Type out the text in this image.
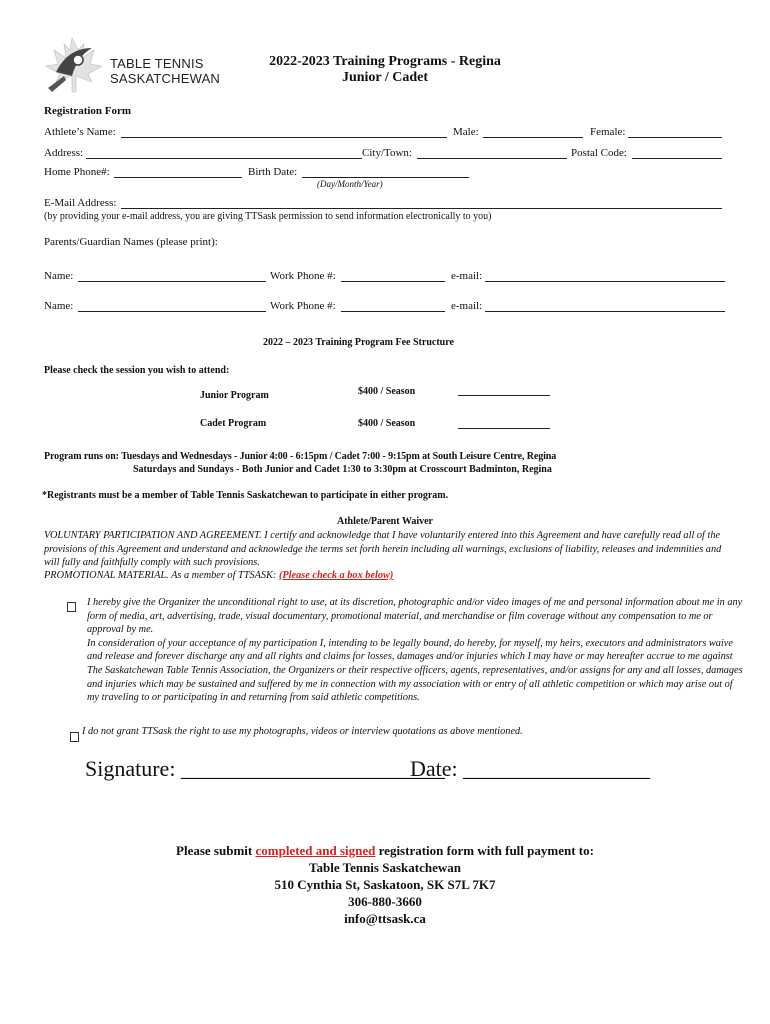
TABLE TENNIS
SASKATCHEWAN
2022-2023 Training Programs - Regina
Junior / Cadet
Registration Form
Athlete’s Name:	Male:	Female:
Address:	City/Town:	Postal Code:
Home Phone#:	Birth Date:
(Day/Month/Year)
E-Mail Address:
(by providing your e-mail address, you are giving TTSask permission to send information electronically to you)
Parents/Guardian Names (please print):
Name:	Work Phone #:	e-mail:
Name:	Work Phone #:	e-mail:
2022 – 2023 Training Program Fee Structure
Please check the session you wish to attend:
Junior Program	$400 / Season
Cadet Program	$400 / Season
Program runs on: Tuesdays and Wednesdays - Junior 4:00 - 6:15pm / Cadet 7:00 - 9:15pm at South Leisure Centre, Regina
Saturdays and Sundays - Both Junior and Cadet 1:30 to 3:30pm at Crosscourt Badminton, Regina
*Registrants must be a member of Table Tennis Saskatchewan to participate in either program.
Athlete/Parent Waiver
VOLUNTARY PARTICIPATION AND AGREEMENT. I certify and acknowledge that I have voluntarily entered into this Agreement and have carefully read all of the provisions of this Agreement and understand and acknowledge the terms set forth herein including all warnings, exclusions of liability, releases and indemnities and will fully and faithfully comply with such provisions.
PROMOTIONAL MATERIAL. As a member of TTSASK: (Please check a box below)
I hereby give the Organizer the unconditional right to use, at its discretion, photographic and/or video images of me and personal information about me in any form of media, art, advertising, trade, visual documentary, promotional material, and merchandise or film coverage without any compensation to me or approval by me.
In consideration of your acceptance of my participation I, intending to be legally bound, do hereby, for myself, my heirs, executors and administrators waive and release and forever discharge any and all rights and claims for losses, damages and/or injuries which I may have or may hereafter accrue to me against The Saskatchewan Table Tennis Association, the Organizers or their respective officers, agents, representatives, and/or assigns for any and all losses, damages and injuries which may be sustained and suffered by me in connection with my association with or entry of all athletic competition or which may arise out of my traveling to or participating in and returning from said athletic competitions.
I do not grant TTSask the right to use my photographs, videos or interview quotations as above mentioned.
Signature: ________________________
Date: _________________
Please submit completed and signed registration form with full payment to:
Table Tennis Saskatchewan
510 Cynthia St, Saskatoon, SK S7L 7K7
306-880-3660
info@ttsask.ca
